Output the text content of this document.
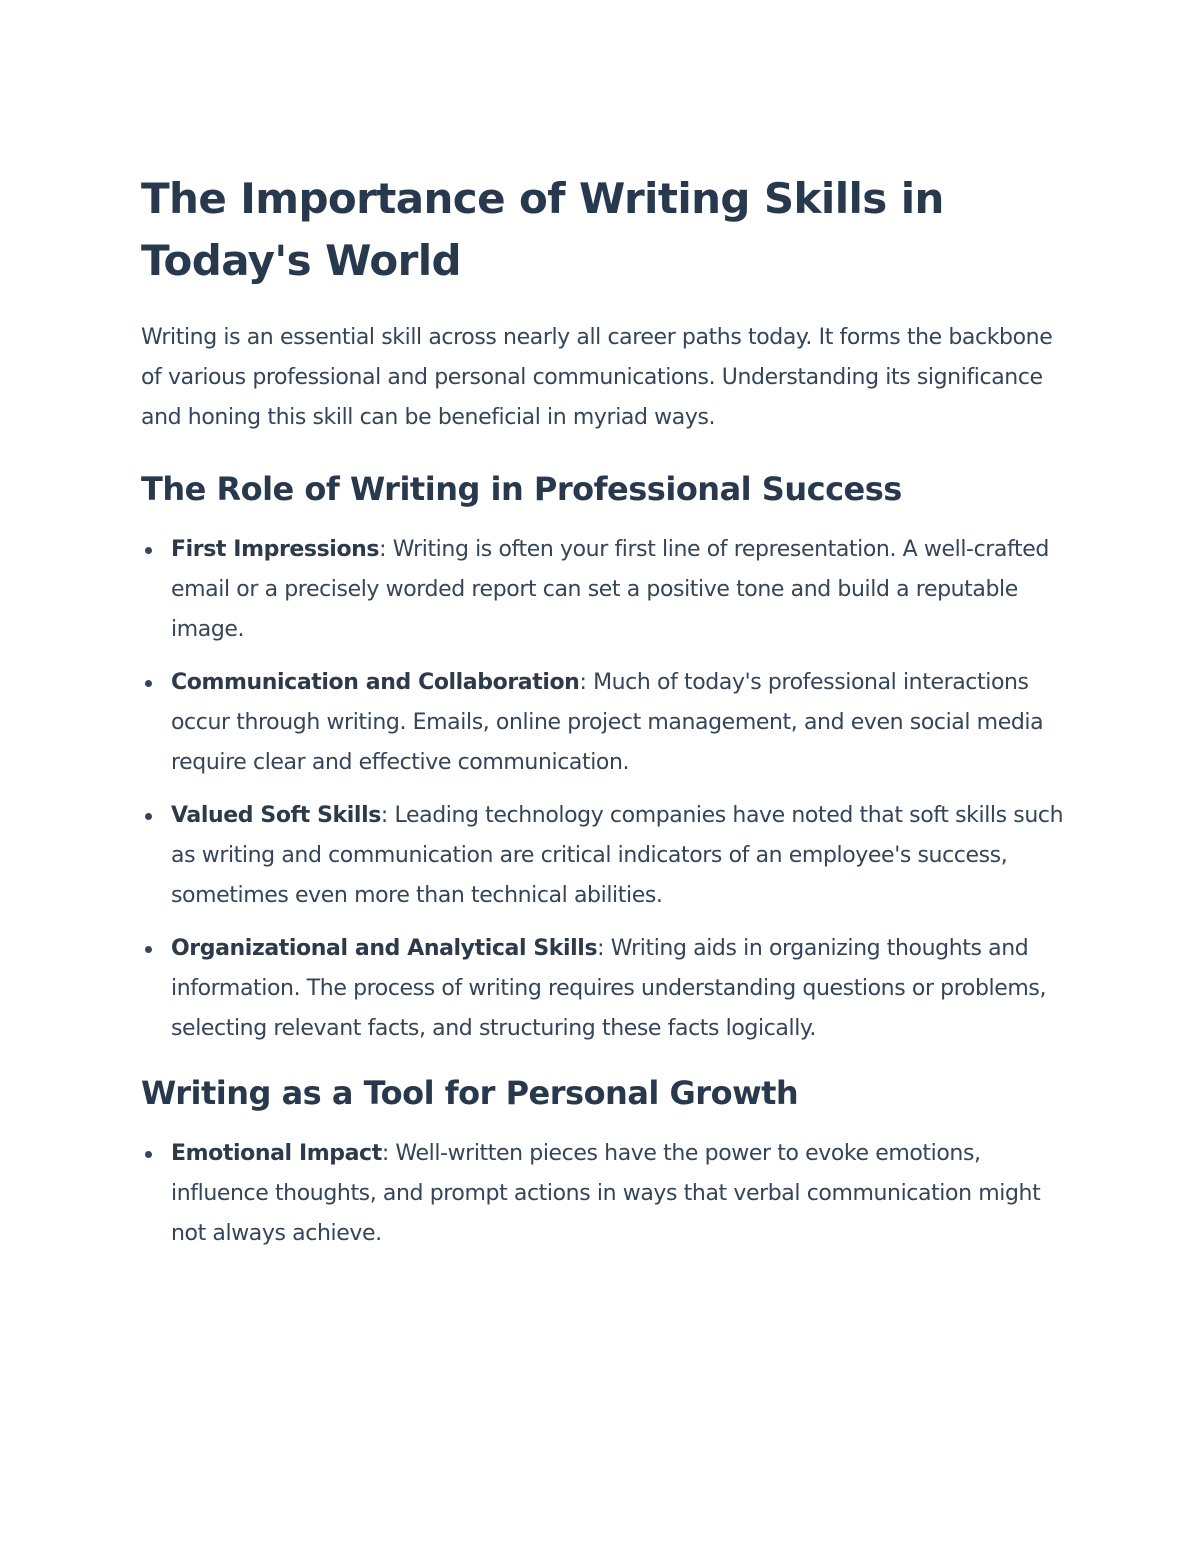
The Importance of Writing Skills in Today's World

Writing is an essential skill across nearly all career paths today. It forms the backbone of various professional and personal communications. Understanding its significance and honing this skill can be beneficial in myriad ways.

The Role of Writing in Professional Success
First Impressions: Writing is often your first line of representation. A well-crafted email or a precisely worded report can set a positive tone and build a reputable image.
Communication and Collaboration: Much of today's professional interactions occur through writing. Emails, online project management, and even social media require clear and effective communication.
Valued Soft Skills: Leading technology companies have noted that soft skills such as writing and communication are critical indicators of an employee's success, sometimes even more than technical abilities.
Organizational and Analytical Skills: Writing aids in organizing thoughts and information. The process of writing requires understanding questions or problems, selecting relevant facts, and structuring these facts logically.
Writing as a Tool for Personal Growth
Emotional Impact: Well-written pieces have the power to evoke emotions, influence thoughts, and prompt actions in ways that verbal communication might not always achieve.
